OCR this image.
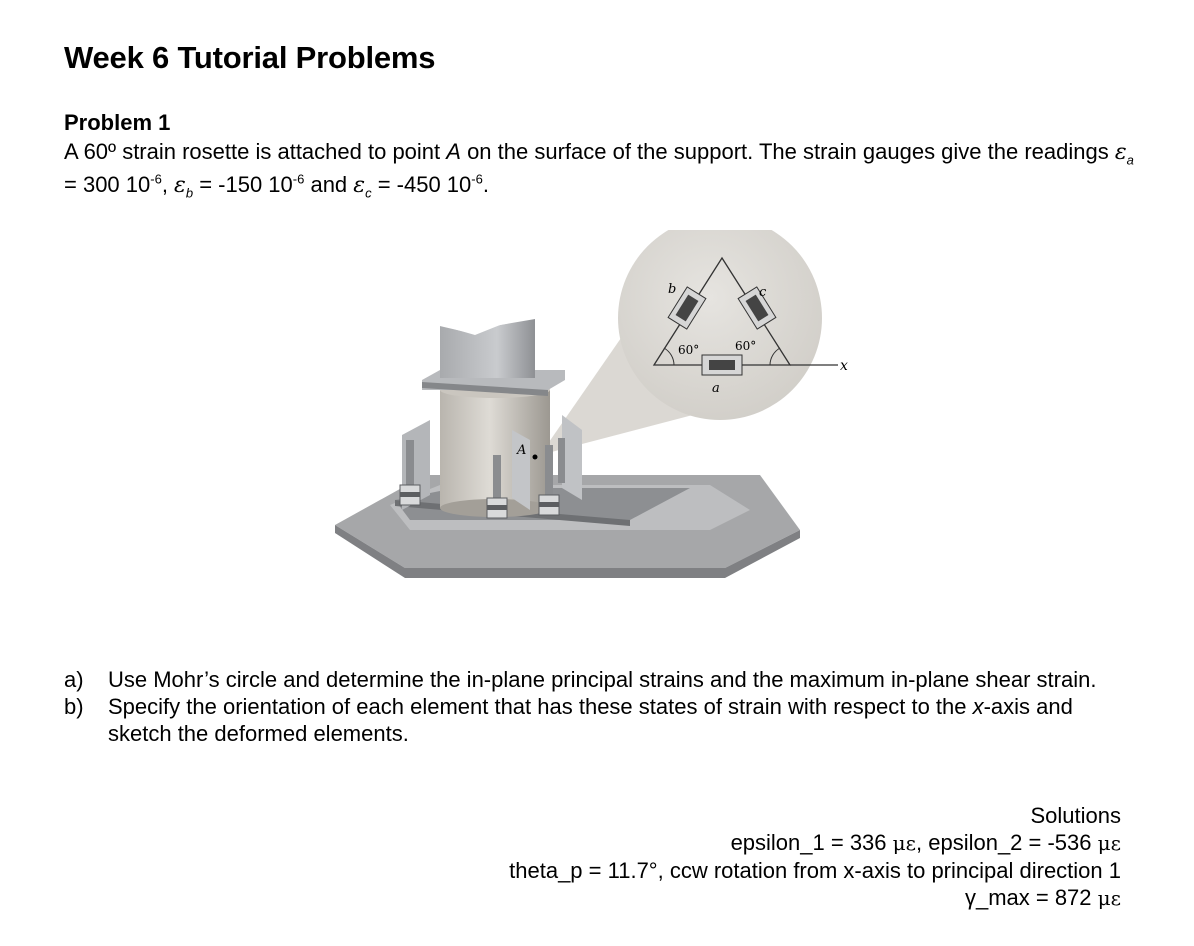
Week 6 Tutorial Problems
Problem 1

A 60º strain rosette is attached to point A on the surface of the support. The strain gauges give the readings $\varepsilon_a = 300$ $10^{-6}$, $\varepsilon_b = -150$ $10^{-6}$ and $\varepsilon_c = -450$ $10^{-6}$.

A
60°	60°
a
b	c
x
a)	Use Mohr’s circle and determine the in-plane principal strains and the maximum in-plane shear strain.
b)	Specify the orientation of each element that has these states of strain with respect to the x-axis and sketch the deformed elements.
Solutions
epsilon_1 = 336 με, epsilon_2 = -536 με
theta_p = 11.7°, ccw rotation from x-axis to principal direction 1
γ_max = 872 με
